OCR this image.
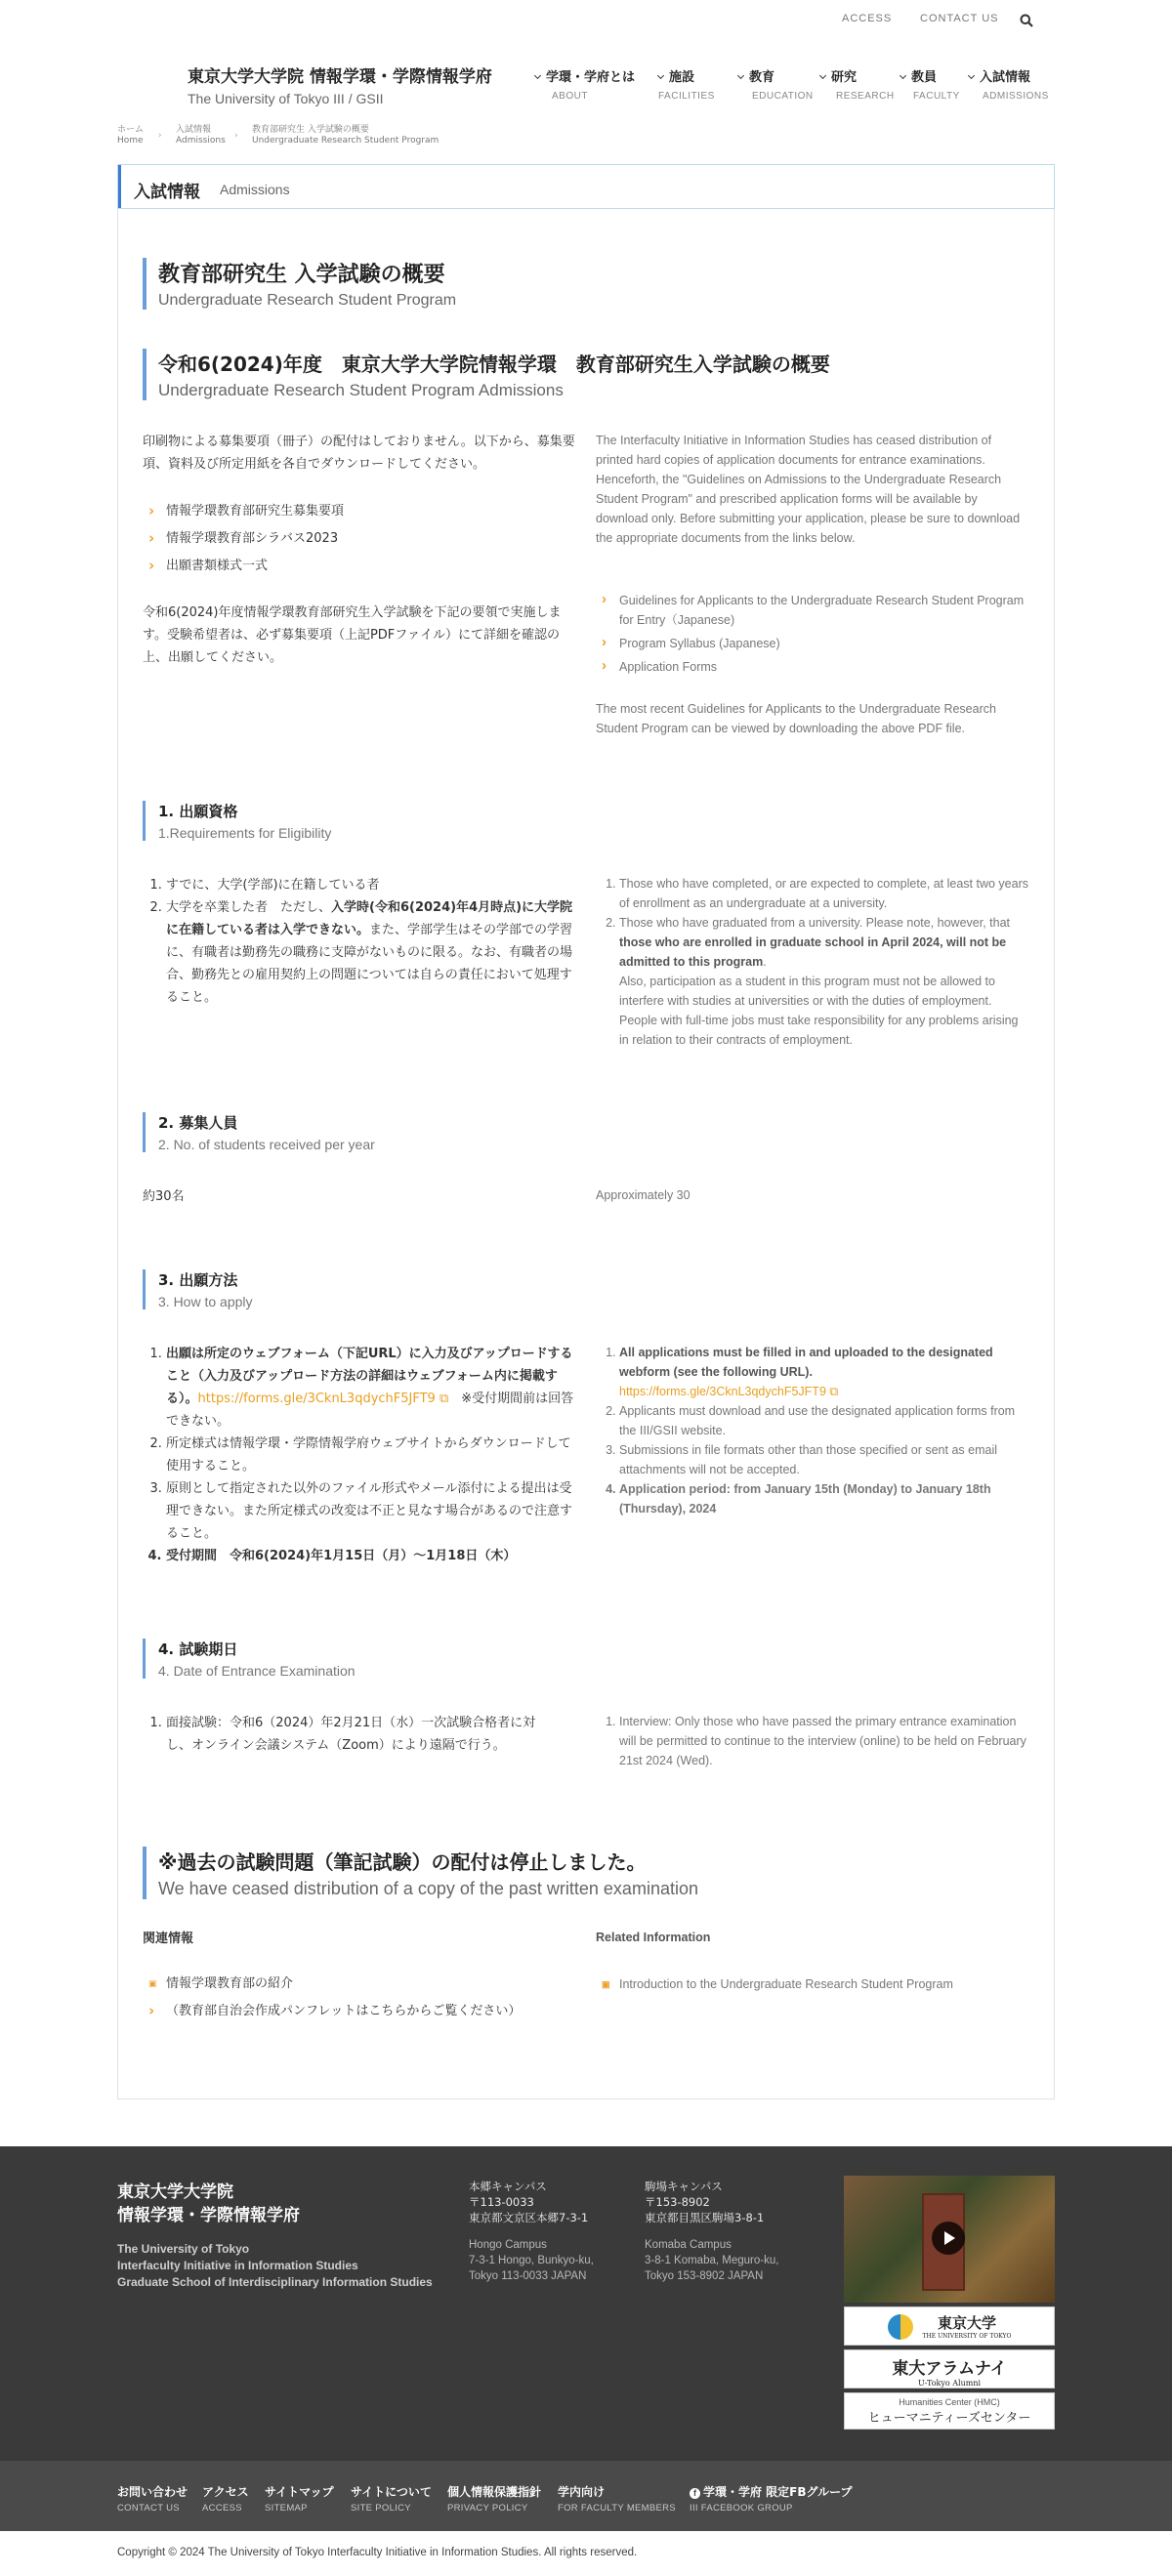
ACCESS	CONTACT US
東京大学大学院 情報学環・学際情報学府
The University of Tokyo III / GSII
学環・学府とは
ABOUT
施設
FACILITIES
教育
EDUCATION
研究
RESEARCH
教員
FACULTY
入試情報
ADMISSIONS
ホーム
Home ›
入試情報
Admissions ›
教育部研究生 入学試験の概要
Undergraduate Research Student Program
入試情報 Admissions
教育部研究生 入学試験の概要
Undergraduate Research Student Program
令和6(2024)年度　東京大学大学院情報学環　教育部研究生入学試験の概要
Undergraduate Research Student Program Admissions

印刷物による募集要項（冊子）の配付はしておりません。以下から、募集要項、資料及び所定用紙を各自でダウンロードしてください。

› 情報学環教育部研究生募集要項
› 情報学環教育部シラバス2023
› 出願書類様式一式

令和6(2024)年度情報学環教育部研究生入学試験を下記の要領で実施します。受験希望者は、必ず募集要項（上記PDFファイル）にて詳細を確認の上、出願してください。

The Interfaculty Initiative in Information Studies has ceased distribution of printed hard copies of application documents for entrance examinations. Henceforth, the "Guidelines on Admissions to the Undergraduate Research Student Program" and prescribed application forms will be available by download only. Before submitting your application, please be sure to download the appropriate documents from the links below.

› Guidelines for Applicants to the Undergraduate Research Student Program for Entry（Japanese)
› Program Syllabus (Japanese)
› Application Forms

The most recent Guidelines for Applicants to the Undergraduate Research Student Program can be viewed by downloading the above PDF file.

1. 出願資格
1.Requirements for Eligibility
1. すでに、大学(学部)に在籍している者
2. 大学を卒業した者　ただし、入学時(令和6(2024)年4月時点)に大学院に在籍している者は入学できない。また、学部学生はその学部での学習に、有職者は勤務先の職務に支障がないものに限る。なお、有職者の場合、勤務先との雇用契約上の問題については自らの責任において処理すること。
1. Those who have completed, or are expected to complete, at least two years of enrollment as an undergraduate at a university.
2. Those who have graduated from a university. Please note, however, that those who are enrolled in graduate school in April 2024, will not be admitted to this program.
Also, participation as a student in this program must not be allowed to interfere with studies at universities or with the duties of employment. People with full-time jobs must take responsibility for any problems arising in relation to their contracts of employment.
2. 募集人員
2. No. of students received per year
約30名	Approximately 30
3. 出願方法
3. How to apply
1. 出願は所定のウェブフォーム（下記URL）に入力及びアップロードすること（入力及びアップロード方法の詳細はウェブフォーム内に掲載する）。https://forms.gle/3CknL3qdychF5JFT9 ⧉　 ※受付期間前は回答できない。
2. 所定様式は情報学環・学際情報学府ウェブサイトからダウンロードして使用すること。
3. 原則として指定された以外のファイル形式やメール添付による提出は受理できない。また所定様式の改変は不正と見なす場合があるので注意すること。
4. 受付期間　令和6(2024)年1月15日（月）〜1月18日（木）
1. All applications must be filled in and uploaded to the designated webform (see the following URL).
https://forms.gle/3CknL3qdychF5JFT9 ⧉
2. Applicants must download and use the designated application forms from the III/GSII website.
3. Submissions in file formats other than those specified or sent as email attachments will not be accepted.
4. Application period: from January 15th (Monday) to January 18th (Thursday), 2024
4. 試験期日
4. Date of Entrance Examination
1. 面接試験：令和6（2024）年2月21日（水）一次試験合格者に対し、オンライン会議システム（Zoom）により遠隔で行う。
1. Interview: Only those who have passed the primary entrance examination will be permitted to continue to the interview (online) to be held on February 21st 2024 (Wed).
※過去の試験問題（筆記試験）の配付は停止しました。
We have ceased distribution of a copy of the past written examination
関連情報	Related Information
▣ 情報学環教育部の紹介
› （教育部自治会作成パンフレットはこちらからご覧ください）
▣ Introduction to the Undergraduate Research Student Program
東京大学大学院
情報学環・学際情報学府
The University of Tokyo
Interfaculty Initiative in Information Studies
Graduate School of Interdisciplinary Information Studies
本郷キャンパス
〒113-0033
東京都文京区本郷7-3-1
Hongo Campus
7-3-1 Hongo, Bunkyo-ku,
Tokyo 113-0033 JAPAN
駒場キャンパス
〒153-8902
東京都目黒区駒場3-8-1
Komaba Campus
3-8-1 Komaba, Meguro-ku,
Tokyo 153-8902 JAPAN
東京大学
THE UNIVERSITY OF TOKYO
東大アラムナイ
U-Tokyo Alumni
Humanities Center (HMC)
ヒューマニティーズセンター
お問い合わせ
CONTACT US
アクセス
ACCESS
サイトマップ
SITEMAP
サイトについて
SITE POLICY
個人情報保護指針
PRIVACY POLICY
学内向け
FOR FACULTY MEMBERS
f 学環・学府 限定FBグループ
III FACEBOOK GROUP
Copyright © 2024 The University of Tokyo Interfaculty Initiative in Information Studies. All rights reserved.
